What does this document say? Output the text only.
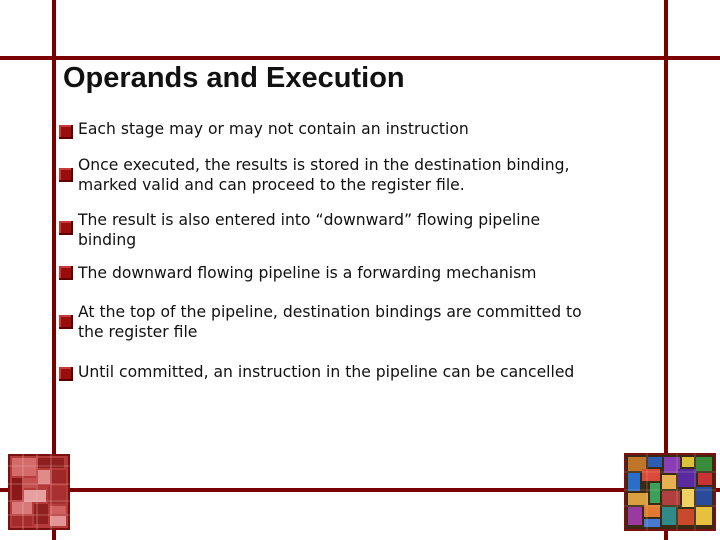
Operands and Execution
Each stage may or may not contain an instruction
Once executed, the results is stored in the destination binding,
marked valid and can proceed to the register file.
The result is also entered into “downward” flowing pipeline
binding
The downward flowing pipeline is a forwarding mechanism
At the top of the pipeline, destination bindings are committed to
the register file
Until committed, an instruction in the pipeline can be cancelled
